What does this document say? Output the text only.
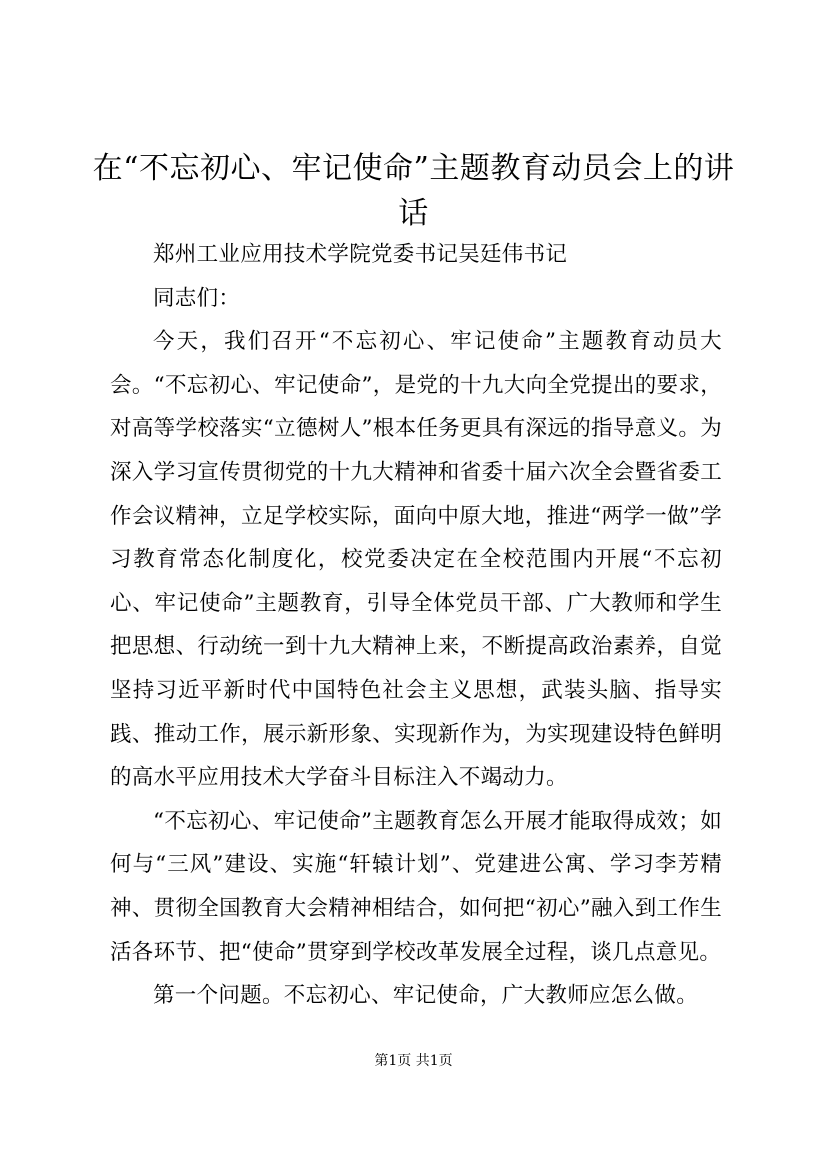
在“不忘初心、牢记使命”主题教育动员会上的讲话

郑州工业应用技术学院党委书记吴廷伟书记

同志们：

今天，我们召开“不忘初心、牢记使命”主题教育动员大会。“不忘初心、牢记使命”，是党的十九大向全党提出的要求，对高等学校落实“立德树人”根本任务更具有深远的指导意义。为深入学习宣传贯彻党的十九大精神和省委十届六次全会暨省委工作会议精神，立足学校实际，面向中原大地，推进“两学一做”学习教育常态化制度化，校党委决定在全校范围内开展“不忘初心、牢记使命”主题教育，引导全体党员干部、广大教师和学生把思想、行动统一到十九大精神上来，不断提高政治素养，自觉坚持习近平新时代中国特色社会主义思想，武装头脑、指导实践、推动工作，展示新形象、实现新作为，为实现建设特色鲜明的高水平应用技术大学奋斗目标注入不竭动力。

“不忘初心、牢记使命”主题教育怎么开展才能取得成效；如何与“三风”建设、实施“轩辕计划”、党建进公寓、学习李芳精神、贯彻全国教育大会精神相结合，如何把“初心”融入到工作生活各环节、把“使命”贯穿到学校改革发展全过程，谈几点意见。

第一个问题。不忘初心、牢记使命，广大教师应怎么做。

第1页 共1页
